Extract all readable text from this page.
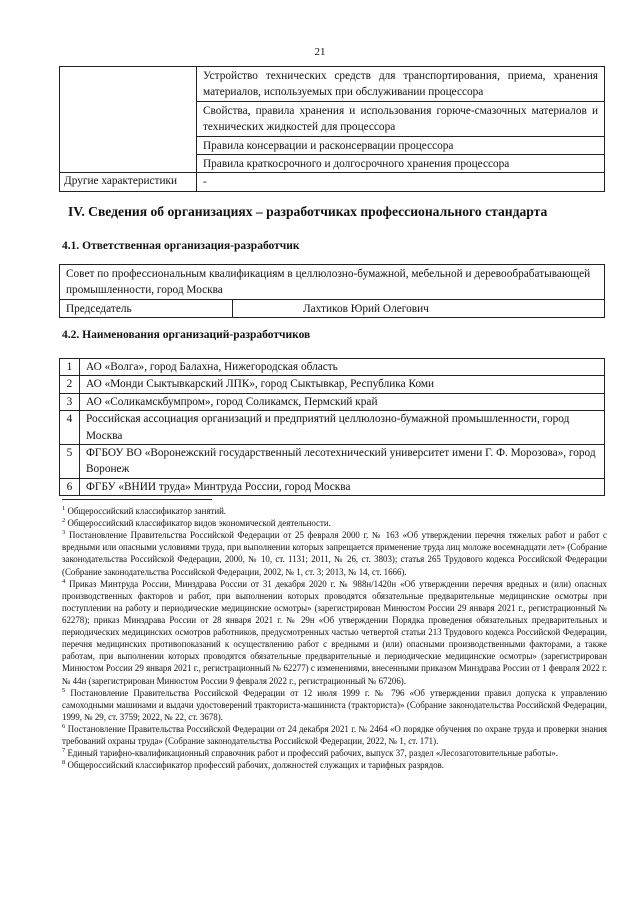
21
	Устройство технических средств для транспортирования, приема, хранения материалов, используемых при обслуживании процессора
	Свойства, правила хранения и использования горюче-смазочных материалов и технических жидкостей для процессора
	Правила консервации и расконсервации процессора
	Правила краткосрочного и долгосрочного хранения процессора
Другие характеристики	-
IV. Сведения об организациях – разработчиках профессионального стандарта
4.1. Ответственная организация-разработчик
Совет по профессиональным квалификациям в целлюлозно-бумажной, мебельной и деревообрабатывающей промышленности, город Москва
Председатель	Лахтиков Юрий Олегович
4.2. Наименования организаций-разработчиков
1	АО «Волга», город Балахна, Нижегородская область
2	АО «Монди Сыктывкарский ЛПК», город Сыктывкар, Республика Коми
3	АО «Соликамскбумпром», город Соликамск, Пермский край
4	Российская ассоциация организаций и предприятий целлюлозно-бумажной промышленности, город Москва
5	ФГБОУ ВО «Воронежский государственный лесотехнический университет имени Г. Ф. Морозова», город Воронеж
6	ФГБУ «ВНИИ труда» Минтруда России, город Москва

$^1$ Общероссийский классификатор занятий.

$^2$ Общероссийский классификатор видов экономической деятельности.

$^3$ Постановление Правительства Российской Федерации от 25 февраля 2000 г. № 163 «Об утверждении перечня тяжелых работ и работ с вредными или опасными условиями труда, при выполнении которых запрещается применение труда лиц моложе восемнадцати лет» (Собрание законодательства Российской Федерации, 2000, № 10, ст. 1131; 2011, № 26, ст. 3803); статья 265 Трудового кодекса Российской Федерации (Собрание законодательства Российской Федерации, 2002, № 1, ст. 3; 2013, № 14, ст. 1666).

$^4$ Приказ Минтруда России, Минздрава России от 31 декабря 2020 г. № 988н/1420н «Об утверждении перечня вредных и (или) опасных производственных факторов и работ, при выполнении которых проводятся обязательные предварительные медицинские осмотры при поступлении на работу и периодические медицинские осмотры» (зарегистрирован Минюстом России 29 января 2021 г., регистрационный № 62278); приказ Минздрава России от 28 января 2021 г. № 29н «Об утверждении Порядка проведения обязательных предварительных и периодических медицинских осмотров работников, предусмотренных частью четвертой статьи 213 Трудового кодекса Российской Федерации, перечня медицинских противопоказаний к осуществлению работ с вредными и (или) опасными производственными факторами, а также работам, при выполнении которых проводятся обязательные предварительные и периодические медицинские осмотры» (зарегистрирован Минюстом России 29 января 2021 г., регистрационный № 62277) с изменениями, внесенными приказом Минздрава России от 1 февраля 2022 г. № 44н (зарегистрирован Минюстом России 9 февраля 2022 г., регистрационный № 67206).

$^5$ Постановление Правительства Российской Федерации от 12 июля 1999 г. № 796 «Об утверждении правил допуска к управлению самоходными машинами и выдачи удостоверений тракториста-машиниста (тракториста)» (Собрание законодательства Российской Федерации, 1999, № 29, ст. 3759; 2022, № 22, ст. 3678).

$^6$ Постановление Правительства Российской Федерации от 24 декабря 2021 г. № 2464 «О порядке обучения по охране труда и проверки знания требований охраны труда» (Собрание законодательства Российской Федерации, 2022, № 1, ст. 171).

$^7$ Единый тарифно-квалификационный справочник работ и профессий рабочих, выпуск 37, раздел «Лесозаготовительные работы».

$^8$ Общероссийский классификатор профессий рабочих, должностей служащих и тарифных разрядов.
